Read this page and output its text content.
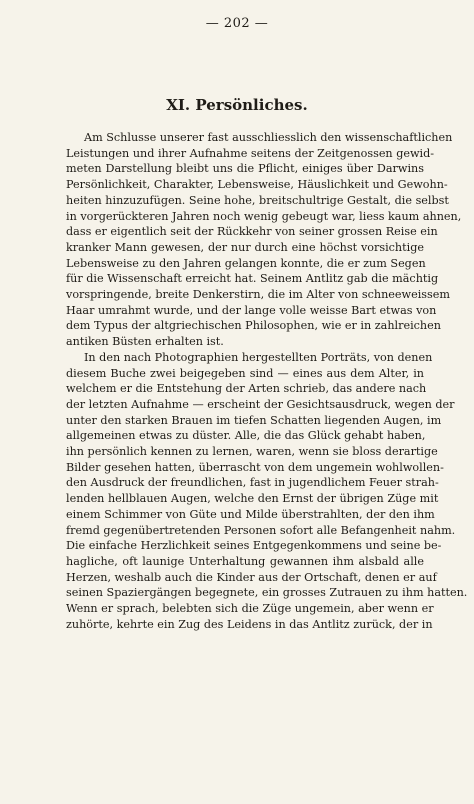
— 202 —
XI. Persönliches.
Am Schlusse unserer fast ausschliesslich den wissenschaftlichen
Leistungen und ihrer Aufnahme seitens der Zeitgenossen gewid-
meten Darstellung bleibt uns die Pflicht, einiges über Darwins
Persönlichkeit, Charakter, Lebensweise, Häuslichkeit und Gewohn-
heiten hinzuzufügen. Seine hohe, breitschultrige Gestalt, die selbst
in vorgerückteren Jahren noch wenig gebeugt war, liess kaum ahnen,
dass er eigentlich seit der Rückkehr von seiner grossen Reise ein
kranker Mann gewesen, der nur durch eine höchst vorsichtige
Lebensweise zu den Jahren gelangen konnte, die er zum Segen
für die Wissenschaft erreicht hat. Seinem Antlitz gab die mächtig
vorspringende, breite Denkerstirn, die im Alter von schneeweissem
Haar umrahmt wurde, und der lange volle weisse Bart etwas von
dem Typus der altgriechischen Philosophen, wie er in zahlreichen
antiken Büsten erhalten ist.
In den nach Photographien hergestellten Porträts, von denen
diesem Buche zwei beigegeben sind — eines aus dem Alter, in
welchem er die Entstehung der Arten schrieb, das andere nach
der letzten Aufnahme — erscheint der Gesichtsausdruck, wegen der
unter den starken Brauen im tiefen Schatten liegenden Augen, im
allgemeinen etwas zu düster. Alle, die das Glück gehabt haben,
ihn persönlich kennen zu lernen, waren, wenn sie bloss derartige
Bilder gesehen hatten, überrascht von dem ungemein wohlwollen-
den Ausdruck der freundlichen, fast in jugendlichem Feuer strah-
lenden hellblauen Augen, welche den Ernst der übrigen Züge mit
einem Schimmer von Güte und Milde überstrahlten, der den ihm
fremd gegenübertretenden Personen sofort alle Befangenheit nahm.
Die einfache Herzlichkeit seines Entgegenkommens und seine be-
hagliche, oft launige Unterhaltung gewannen ihm alsbald alle
Herzen, weshalb auch die Kinder aus der Ortschaft, denen er auf
seinen Spaziergängen begegnete, ein grosses Zutrauen zu ihm hatten.
Wenn er sprach, belebten sich die Züge ungemein, aber wenn er
zuhörte, kehrte ein Zug des Leidens in das Antlitz zurück, der in
